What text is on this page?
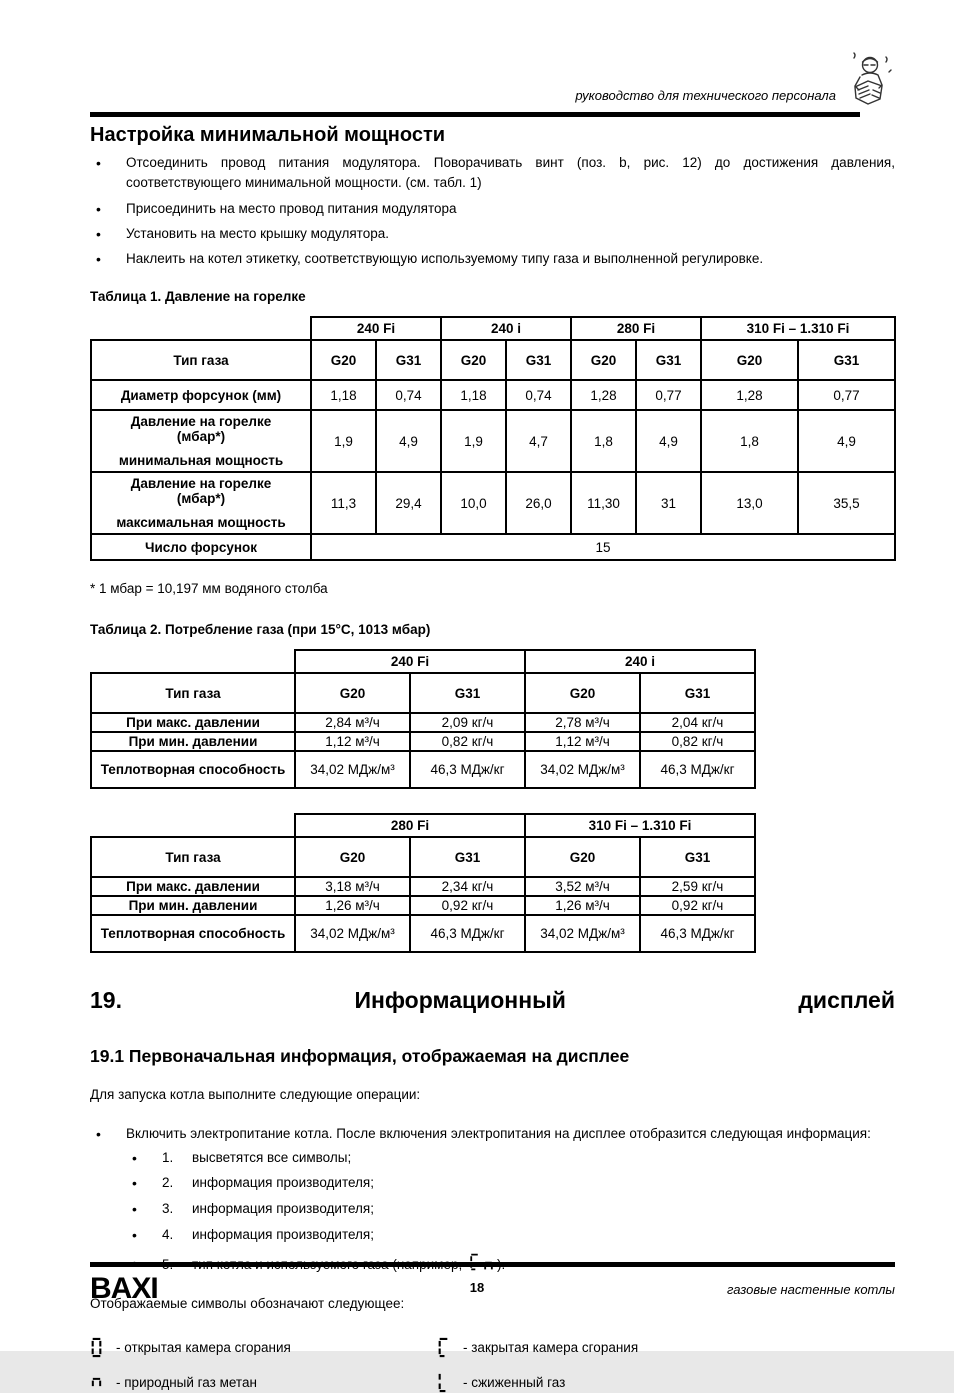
руководство для технического персонала
Настройка минимальной мощности
• Отсоединить провод питания модулятора. Поворачивать винт (поз. b, рис. 12) до достижения давления, соответствующего минимальной мощности. (см. табл. 1)
• Присоединить на место провод питания модулятора
• Установить на место крышку модулятора.
• Наклеить на котел этикетку, соответствующую используемому типу газа и выполненной регулировке.

Таблица 1. Давление на горелке

	240 Fi		240 i		280 Fi		310 Fi – 1.310 Fi	
Тип газа	G20	G31	G20	G31	G20	G31	G20	G31
Диаметр форсунок (мм)	1,18	0,74	1,18	0,74	1,28	0,77	1,28	0,77

Давление на горелке
(мбар*)
минимальная мощность	1,9	4,9	1,9	4,7	1,8	4,9	1,8	4,9

Давление на горелке
(мбар*)
максимальная мощность	11,3	29,4	10,0	26,0	11,30	31	13,0	35,5
Число форсунок	15							

* 1 мбар = 10,197 мм водяного столба

Таблица 2. Потребление газа (при 15°С, 1013 мбар)

	240 Fi		240 i	
Тип газа	G20	G31	G20	G31
При макс. давлении	2,84 м³/ч	2,09 кг/ч	2,78 м³/ч	2,04 кг/ч
При мин. давлении	1,12 м³/ч	0,82 кг/ч	1,12 м³/ч	0,82 кг/ч
Теплотворная способность	34,02 МДж/м³	46,3 МДж/кг	34,02 МДж/м³	46,3 МДж/кг
	280 Fi		310 Fi – 1.310 Fi	
Тип газа	G20	G31	G20	G31
При макс. давлении	3,18 м³/ч	2,34 кг/ч	3,52 м³/ч	2,59 кг/ч
При мин. давлении	1,26 м³/ч	0,92 кг/ч	1,26 м³/ч	0,92 кг/ч
Теплотворная способность	34,02 МДж/м³	46,3 МДж/кг	34,02 МДж/м³	46,3 МДж/кг
19.	Информационный	дисплей
19.1 Первоначальная информация, отображаемая на дисплее

Для запуска котла выполните следующие операции:

• Включить электропитание котла. После включения электропитания на дисплее отобразится следующая информация:
• 1.	высветятся все символы;
• 2.	информация производителя;
• 3.	информация производителя;
• 4.	информация производителя;
•

Отображаемые символы обозначают следующее:

- открытая камера сгорания	- закрытая камера сгорания
- природный газ метан	- сжиженный газ
BAXI	18	газовые настенные котлы
